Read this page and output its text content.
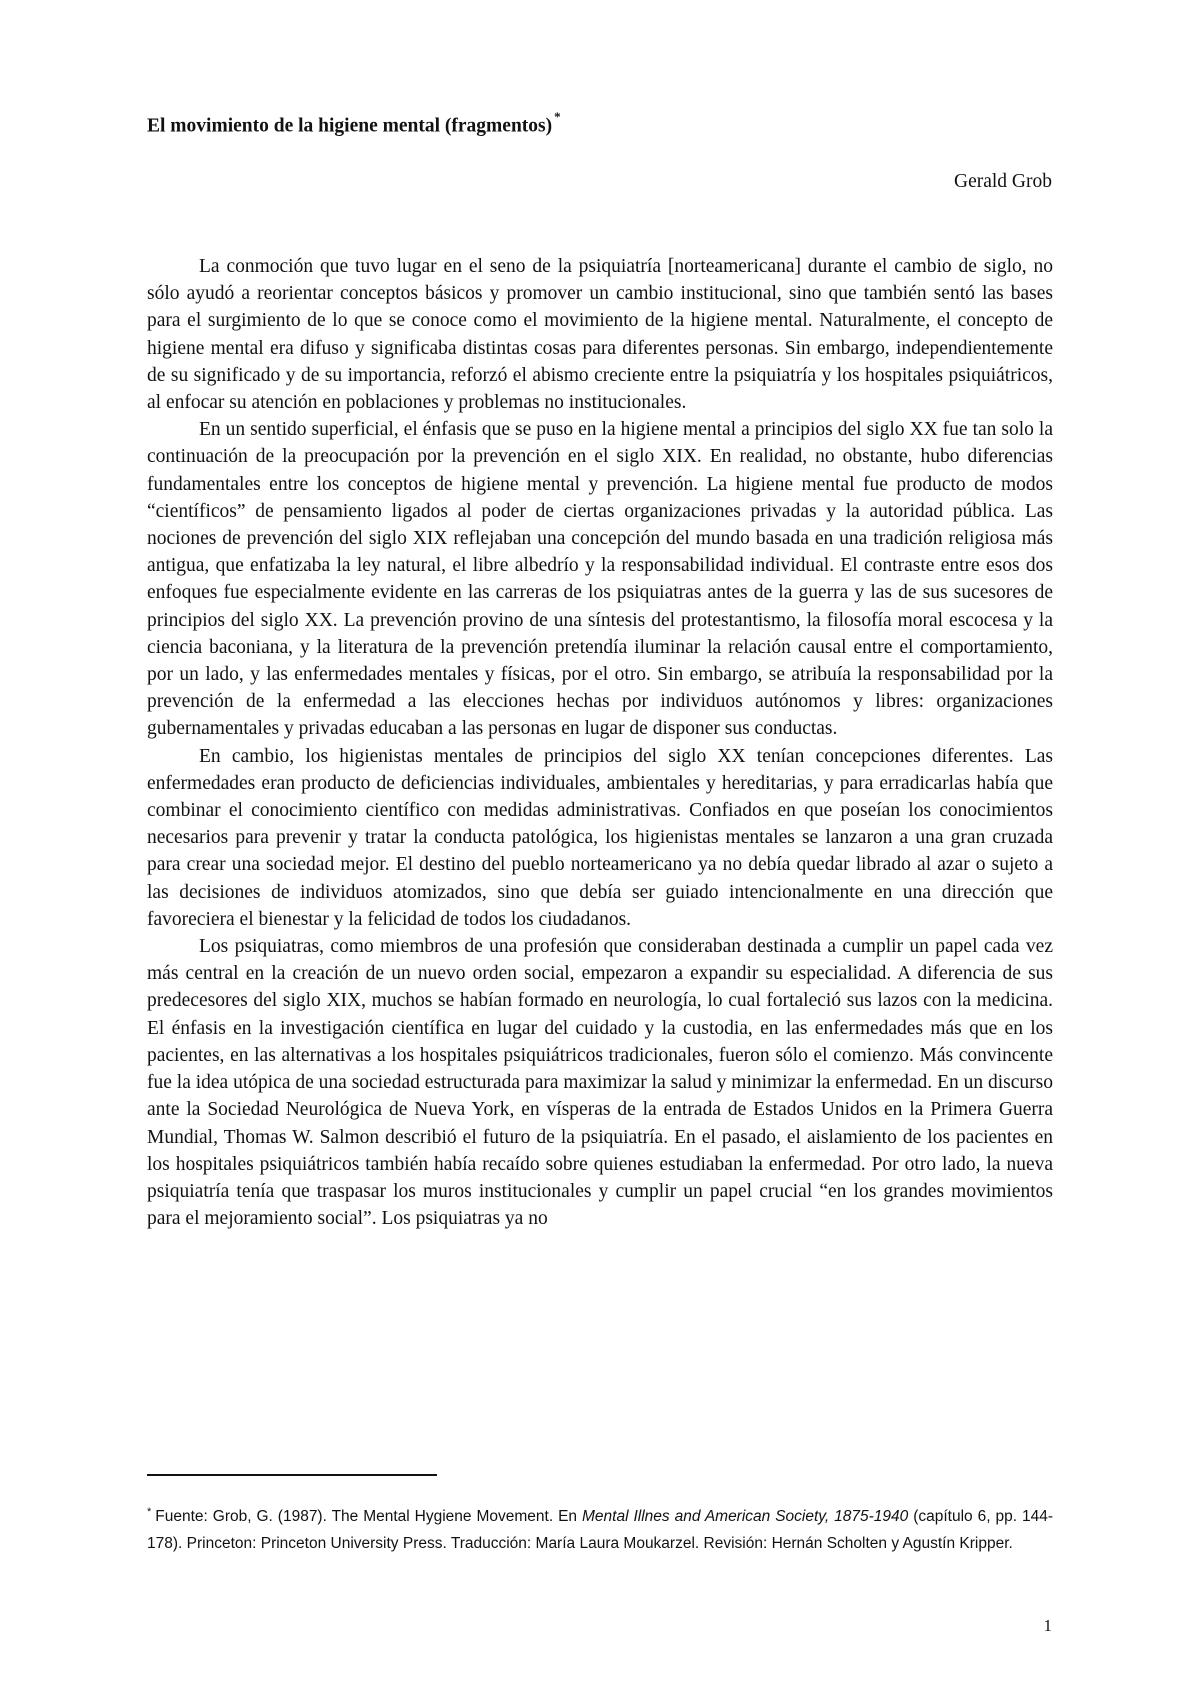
El movimiento de la higiene mental (fragmentos) *

Gerald Grob

La conmoción que tuvo lugar en el seno de la psiquiatría [norteamericana] durante el cambio de siglo, no sólo ayudó a reorientar conceptos básicos y promover un cambio institucional, sino que también sentó las bases para el surgimiento de lo que se conoce como el movimiento de la higiene mental. Naturalmente, el concepto de higiene mental era difuso y significaba distintas cosas para diferentes personas. Sin embargo, independientemente de su significado y de su importancia, reforzó el abismo creciente entre la psiquiatría y los hospitales psiquiátricos, al enfocar su atención en poblaciones y problemas no institucionales.

En un sentido superficial, el énfasis que se puso en la higiene mental a principios del siglo XX fue tan solo la continuación de la preocupación por la prevención en el siglo XIX. En realidad, no obstante, hubo diferencias fundamentales entre los conceptos de higiene mental y prevención. La higiene mental fue producto de modos “científicos” de pensamiento ligados al poder de ciertas organizaciones privadas y la autoridad pública. Las nociones de prevención del siglo XIX reflejaban una concepción del mundo basada en una tradición religiosa más antigua, que enfatizaba la ley natural, el libre albedrío y la responsabilidad individual. El contraste entre esos dos enfoques fue especialmente evidente en las carreras de los psiquiatras antes de la guerra y las de sus sucesores de principios del siglo XX. La prevención provino de una síntesis del protestantismo, la filosofía moral escocesa y la ciencia baconiana, y la literatura de la prevención pretendía iluminar la relación causal entre el comportamiento, por un lado, y las enfermedades mentales y físicas, por el otro. Sin embargo, se atribuía la responsabilidad por la prevención de la enfermedad a las elecciones hechas por individuos autónomos y libres: organizaciones gubernamentales y privadas educaban a las personas en lugar de disponer sus conductas.

En cambio, los higienistas mentales de principios del siglo XX tenían concepciones diferentes. Las enfermedades eran producto de deficiencias individuales, ambientales y hereditarias, y para erradicarlas había que combinar el conocimiento científico con medidas administrativas. Confiados en que poseían los conocimientos necesarios para prevenir y tratar la conducta patológica, los higienistas mentales se lanzaron a una gran cruzada para crear una sociedad mejor. El destino del pueblo norteamericano ya no debía quedar librado al azar o sujeto a las decisiones de individuos atomizados, sino que debía ser guiado intencionalmente en una dirección que favoreciera el bienestar y la felicidad de todos los ciudadanos.

Los psiquiatras, como miembros de una profesión que consideraban destinada a cumplir un papel cada vez más central en la creación de un nuevo orden social, empezaron a expandir su especialidad. A diferencia de sus predecesores del siglo XIX, muchos se habían formado en neurología, lo cual fortaleció sus lazos con la medicina. El énfasis en la investigación científica en lugar del cuidado y la custodia, en las enfermedades más que en los pacientes, en las alternativas a los hospitales psiquiátricos tradicionales, fueron sólo el comienzo. Más convincente fue la idea utópica de una sociedad estructurada para maximizar la salud y minimizar la enfermedad. En un discurso ante la Sociedad Neurológica de Nueva York, en vísperas de la entrada de Estados Unidos en la Primera Guerra Mundial, Thomas W. Salmon describió el futuro de la psiquiatría. En el pasado, el aislamiento de los pacientes en los hospitales psiquiátricos también había recaído sobre quienes estudiaban la enfermedad. Por otro lado, la nueva psiquiatría tenía que traspasar los muros institucionales y cumplir un papel crucial “en los grandes movimientos para el mejoramiento social”. Los psiquiatras ya no

* Fuente: Grob, G. (1987). The Mental Hygiene Movement. En Mental Illnes and American Society, 1875-1940 (capítulo 6, pp. 144-178). Princeton: Princeton University Press. Traducción: María Laura Moukarzel. Revisión: Hernán Scholten y Agustín Kripper.
1
